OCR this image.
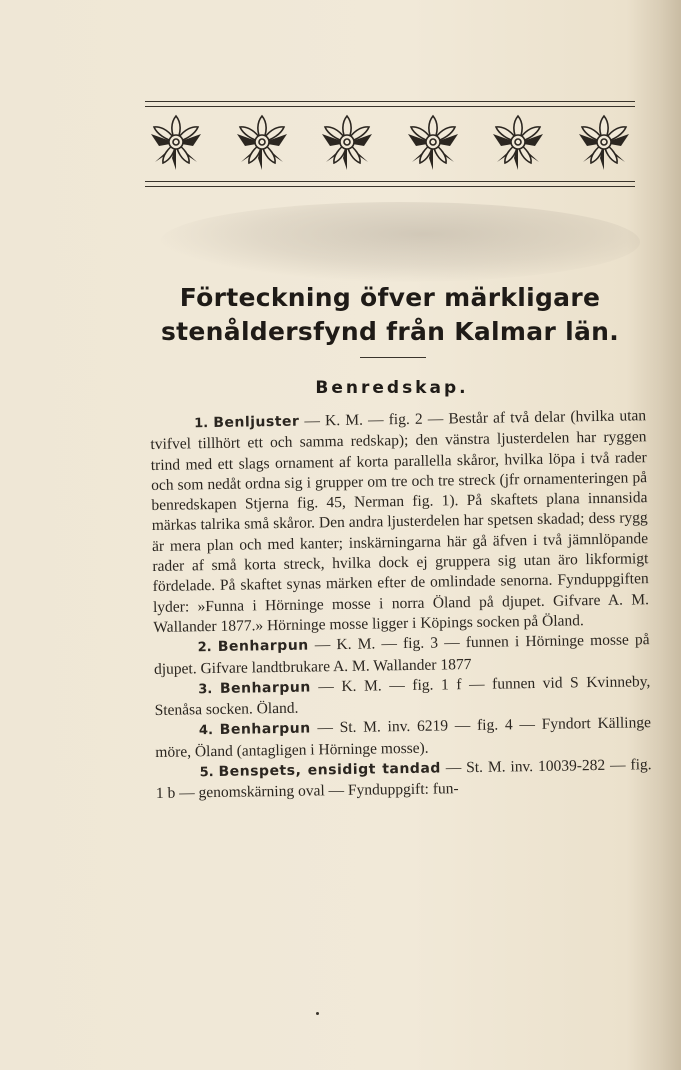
Förteckning öfver märkligare
stenåldersfynd från Kalmar län.
Benredskap.

1. Benljuster — K. M. — fig. 2 — Består af två delar (hvilka utan tvifvel tillhört ett och samma redskap); den vänstra ljusterdelen har ryggen trind med ett slags ornament af korta parallella skåror, hvilka löpa i två rader och som nedåt ordna sig i grupper om tre och tre streck (jfr ornamenteringen på benredskapen Stjerna fig. 45, Nerman fig. 1). På skaftets plana innansida märkas talrika små skåror. Den andra ljusterdelen har spetsen skadad; dess rygg är mera plan och med kanter; inskärningarna här gå äfven i två jämnlöpande rader af små korta streck, hvilka dock ej gruppera sig utan äro likformigt fördelade. På skaftet synas märken efter de omlindade senorna. Fynduppgiften lyder: »Funna i Hörninge mosse i norra Öland på djupet. Gifvare A. M. Wallander 1877.» Hörninge mosse ligger i Köpings socken på Öland.

2. Benharpun — K. M. — fig. 3 — funnen i Hörninge mosse på djupet. Gifvare landtbrukare A. M. Wallander 1877

3. Benharpun — K. M. — fig. 1 f — funnen vid S Kvinneby, Stenåsa socken. Öland.

4. Benharpun — St. M. inv. 6219 — fig. 4 — Fyndort Källinge möre, Öland (antagligen i Hörninge mosse).

5. Benspets, ensidigt tandad — St. M. inv. 10039-282 — fig. 1 b — genomskärning oval — Fynduppgift: fun-
